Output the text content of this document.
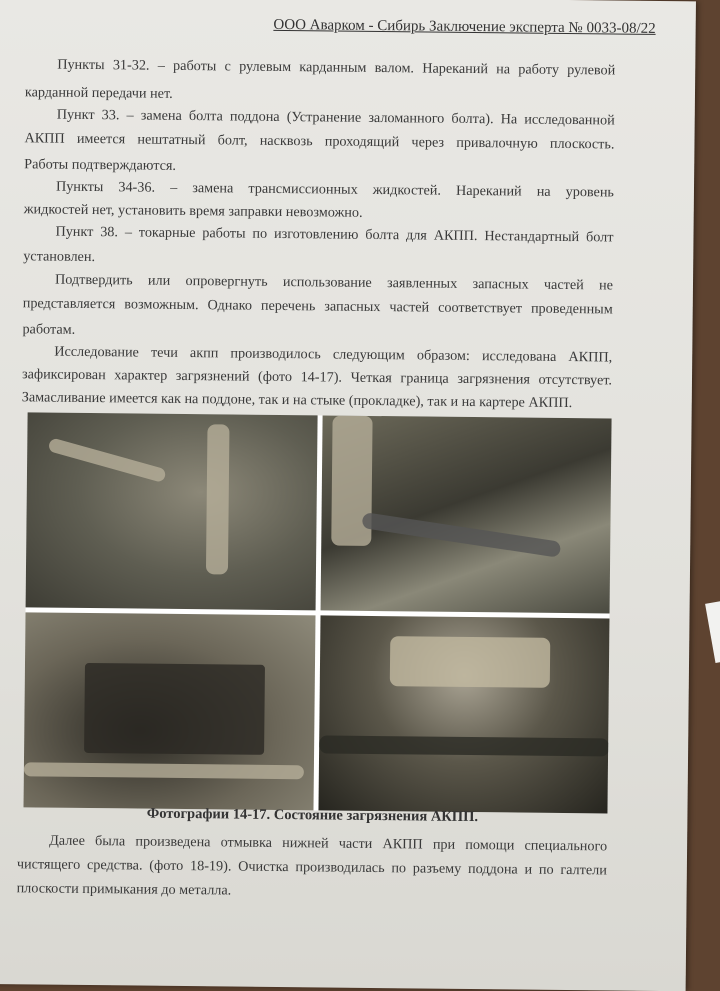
ООО Аварком - Сибирь Заключение эксперта № 0033-08/22
Пункты 31-32. – работы с рулевым карданным валом. Нареканий на работу рулевой
карданной передачи нет.
Пункт 33. – замена болта поддона (Устранение заломанного болта). На исследованной
АКПП имеется нештатный болт, насквозь проходящий через привалочную плоскость.
Работы подтверждаются.
Пункты 34-36. – замена трансмиссионных жидкостей. Нареканий на уровень
жидкостей нет, установить время заправки невозможно.
Пункт 38. – токарные работы по изготовлению болта для АКПП. Нестандартный болт
установлен.
Подтвердить или опровергнуть использование заявленных запасных частей не
представляется возможным. Однако перечень запасных частей соответствует проведенным
работам.
Исследование течи акпп производилось следующим образом: исследована АКПП,
зафиксирован характер загрязнений (фото 14-17). Четкая граница загрязнения отсутствует.
Замасливание имеется как на поддоне, так и на стыке (прокладке), так и на картере АКПП.
Фотографии 14-17. Состояние загрязнения АКПП.
Далее была произведена отмывка нижней части АКПП при помощи специального
чистящего средства. (фото 18-19). Очистка производилась по разъему поддона и по галтели
плоскости примыкания до металла.
